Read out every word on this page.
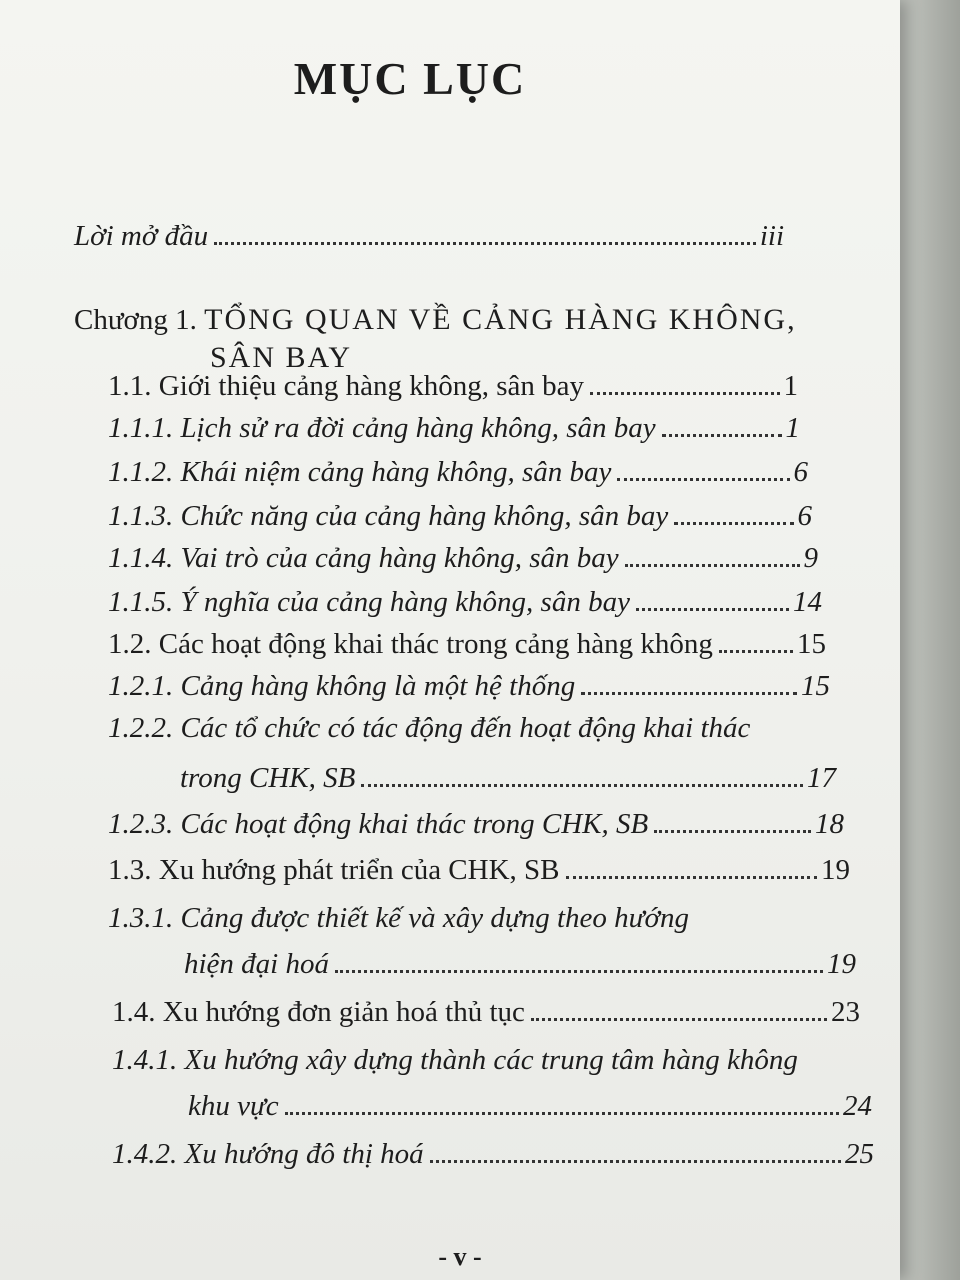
MỤC LỤC
Lời mở đầu	iii
Chương 1. TỔNG QUAN VỀ CẢNG HÀNG KHÔNG,
SÂN BAY
1.1. Giới thiệu cảng hàng không, sân bay	1
1.1.1. Lịch sử ra đời cảng hàng không, sân bay	1
1.1.2. Khái niệm cảng hàng không, sân bay	6
1.1.3. Chức năng của cảng hàng không, sân bay	6
1.1.4. Vai trò của cảng hàng không, sân bay	9
1.1.5. Ý nghĩa của cảng hàng không, sân bay	14
1.2. Các hoạt động khai thác trong cảng hàng không	15
1.2.1. Cảng hàng không là một hệ thống	15
1.2.2. Các tổ chức có tác động đến hoạt động khai thác
trong CHK, SB	17
1.2.3. Các hoạt động khai thác trong CHK, SB	18
1.3. Xu hướng phát triển của CHK, SB	19
1.3.1. Cảng được thiết kế và xây dựng theo hướng
hiện đại hoá	19
1.4. Xu hướng đơn giản hoá thủ tục	23
1.4.1. Xu hướng xây dựng thành các trung tâm hàng không
khu vực	24
1.4.2. Xu hướng đô thị hoá	25
- v -
